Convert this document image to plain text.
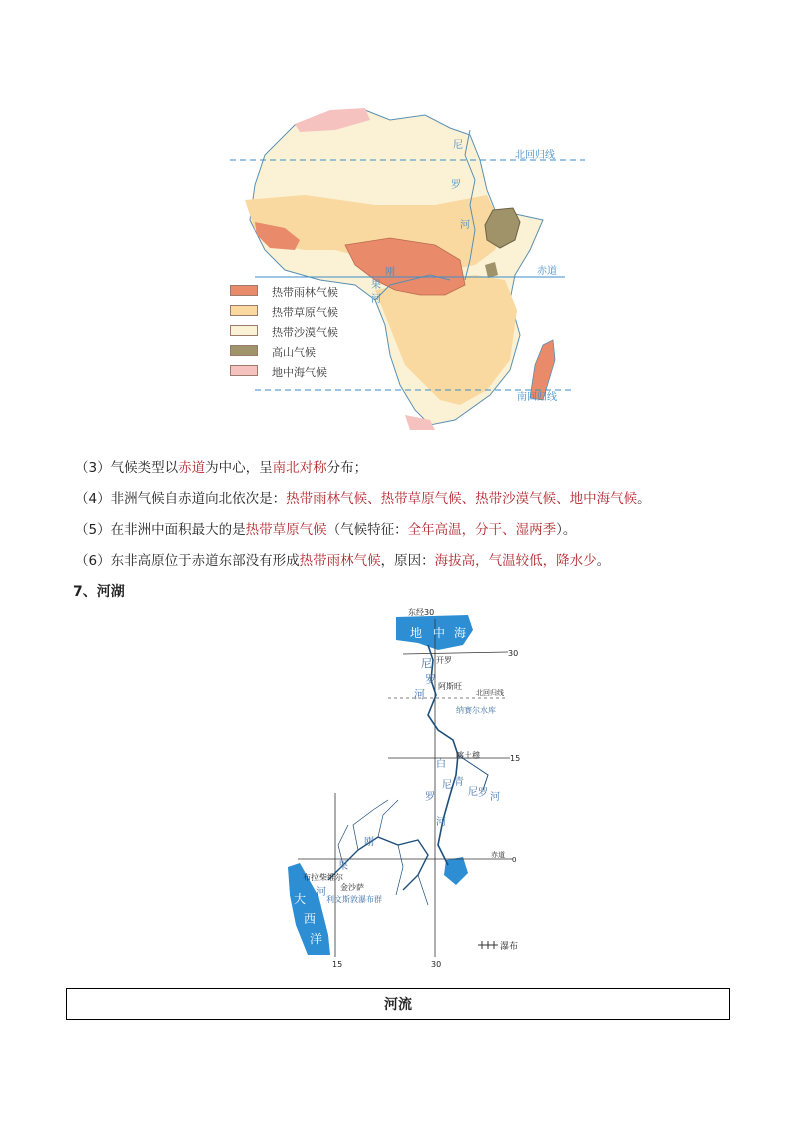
北回归线
赤道
南回归线
尼
罗
河
刚
果
河
热带雨林气候
热带草原气候
热带沙漠气候
高山气候
地中海气候
（3）气候类型以赤道为中心，呈南北对称分布；
（4）非洲气候自赤道向北依次是：热带雨林气候、热带草原气候、热带沙漠气候、地中海气候。
（5）在非洲中面积最大的是热带草原气候（气候特征：全年高温，分干、湿两季）。
（6）东非高原位于赤道东部没有形成热带雨林气候，原因：海拔高，气温较低，降水少。
7、河湖
东经30
地 中 海
30
开罗
尼
罗
河
阿斯旺
北回归线
纳赛尔水库
喀土穆	15
白
尼
罗
河
青
尼 罗 河
刚
果
河
赤道
0
布拉柴维尔
金沙萨
利文斯敦瀑布群
大
西
洋
15	30
瀑布
河流
